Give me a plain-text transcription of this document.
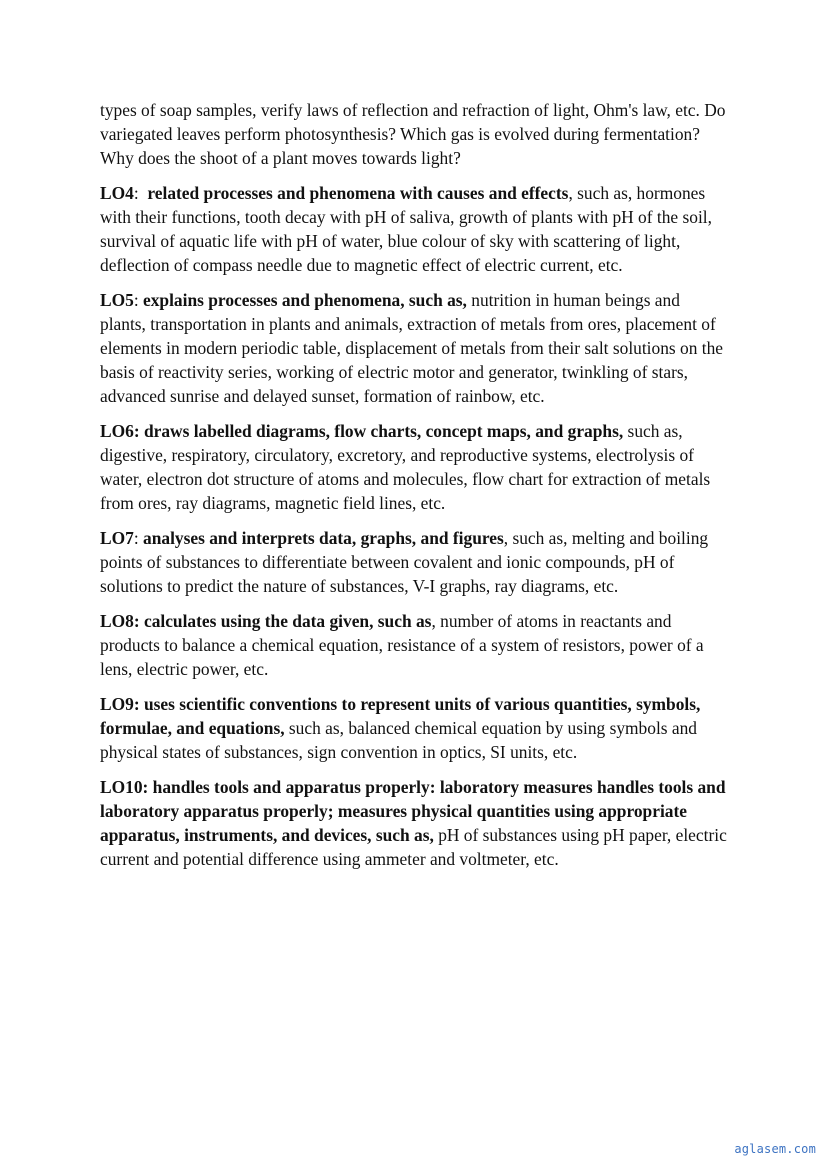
types of soap samples, verify laws of reflection and refraction of light, Ohm's law, etc. Do variegated leaves perform photosynthesis? Which gas is evolved during fermentation? Why does the shoot of a plant moves towards light?

LO4:  related processes and phenomena with causes and effects, such as, hormones with their functions, tooth decay with pH of saliva, growth of plants with pH of the soil, survival of aquatic life with pH of water, blue colour of sky with scattering of light, deflection of compass needle due to magnetic effect of electric current, etc.

LO5: explains processes and phenomena, such as, nutrition in human beings and plants, transportation in plants and animals, extraction of metals from ores, placement of elements in modern periodic table, displacement of metals from their salt solutions on the basis of reactivity series, working of electric motor and generator, twinkling of stars, advanced sunrise and delayed sunset, formation of rainbow, etc.

LO6: draws labelled diagrams, flow charts, concept maps, and graphs, such as, digestive, respiratory, circulatory, excretory, and reproductive systems, electrolysis of water, electron dot structure of atoms and molecules, flow chart for extraction of metals from ores, ray diagrams, magnetic field lines, etc.

LO7: analyses and interprets data, graphs, and figures, such as, melting and boiling points of substances to differentiate between covalent and ionic compounds, pH of solutions to predict the nature of substances, V-I graphs, ray diagrams, etc.

LO8: calculates using the data given, such as, number of atoms in reactants and products to balance a chemical equation, resistance of a system of resistors, power of a lens, electric power, etc.

LO9: uses scientific conventions to represent units of various quantities, symbols, formulae, and equations, such as, balanced chemical equation by using symbols and physical states of substances, sign convention in optics, SI units, etc.

LO10: handles tools and apparatus properly: laboratory measures handles tools and laboratory apparatus properly; measures physical quantities using appropriate apparatus, instruments, and devices, such as, pH of substances using pH paper, electric current and potential difference using ammeter and voltmeter, etc.

aglasem.com
